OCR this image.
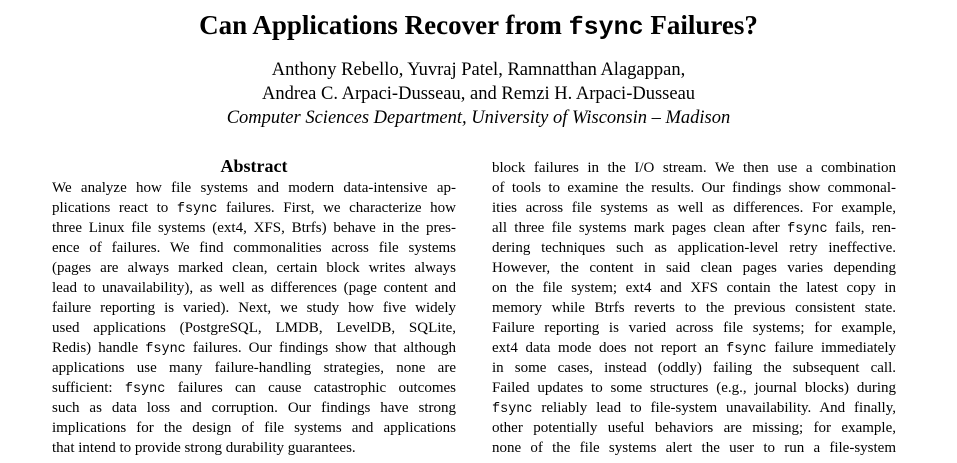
Can Applications Recover from fsync Failures?
Anthony Rebello, Yuvraj Patel, Ramnatthan Alagappan,
Andrea C. Arpaci-Dusseau, and Remzi H. Arpaci-Dusseau
Computer Sciences Department, University of Wisconsin – Madison
Abstract
We analyze how file systems and modern data-intensive ap-
plications react to fsync failures. First, we characterize how
three Linux file systems (ext4, XFS, Btrfs) behave in the pres-
ence of failures. We find commonalities across file systems
(pages are always marked clean, certain block writes always
lead to unavailability), as well as differences (page content and
failure reporting is varied). Next, we study how five widely
used applications (PostgreSQL, LMDB, LevelDB, SQLite,
Redis) handle fsync failures. Our findings show that although
applications use many failure-handling strategies, none are
sufficient: fsync failures can cause catastrophic outcomes
such as data loss and corruption. Our findings have strong
implications for the design of file systems and applications
that intend to provide strong durability guarantees.
block failures in the I/O stream. We then use a combination
of tools to examine the results. Our findings show commonal-
ities across file systems as well as differences. For example,
all three file systems mark pages clean after fsync fails, ren-
dering techniques such as application-level retry ineffective.
However, the content in said clean pages varies depending
on the file system; ext4 and XFS contain the latest copy in
memory while Btrfs reverts to the previous consistent state.
Failure reporting is varied across file systems; for example,
ext4 data mode does not report an fsync failure immediately
in some cases, instead (oddly) failing the subsequent call.
Failed updates to some structures (e.g., journal blocks) during
fsync reliably lead to file-system unavailability. And finally,
other potentially useful behaviors are missing; for example,
none of the file systems alert the user to run a file-system
